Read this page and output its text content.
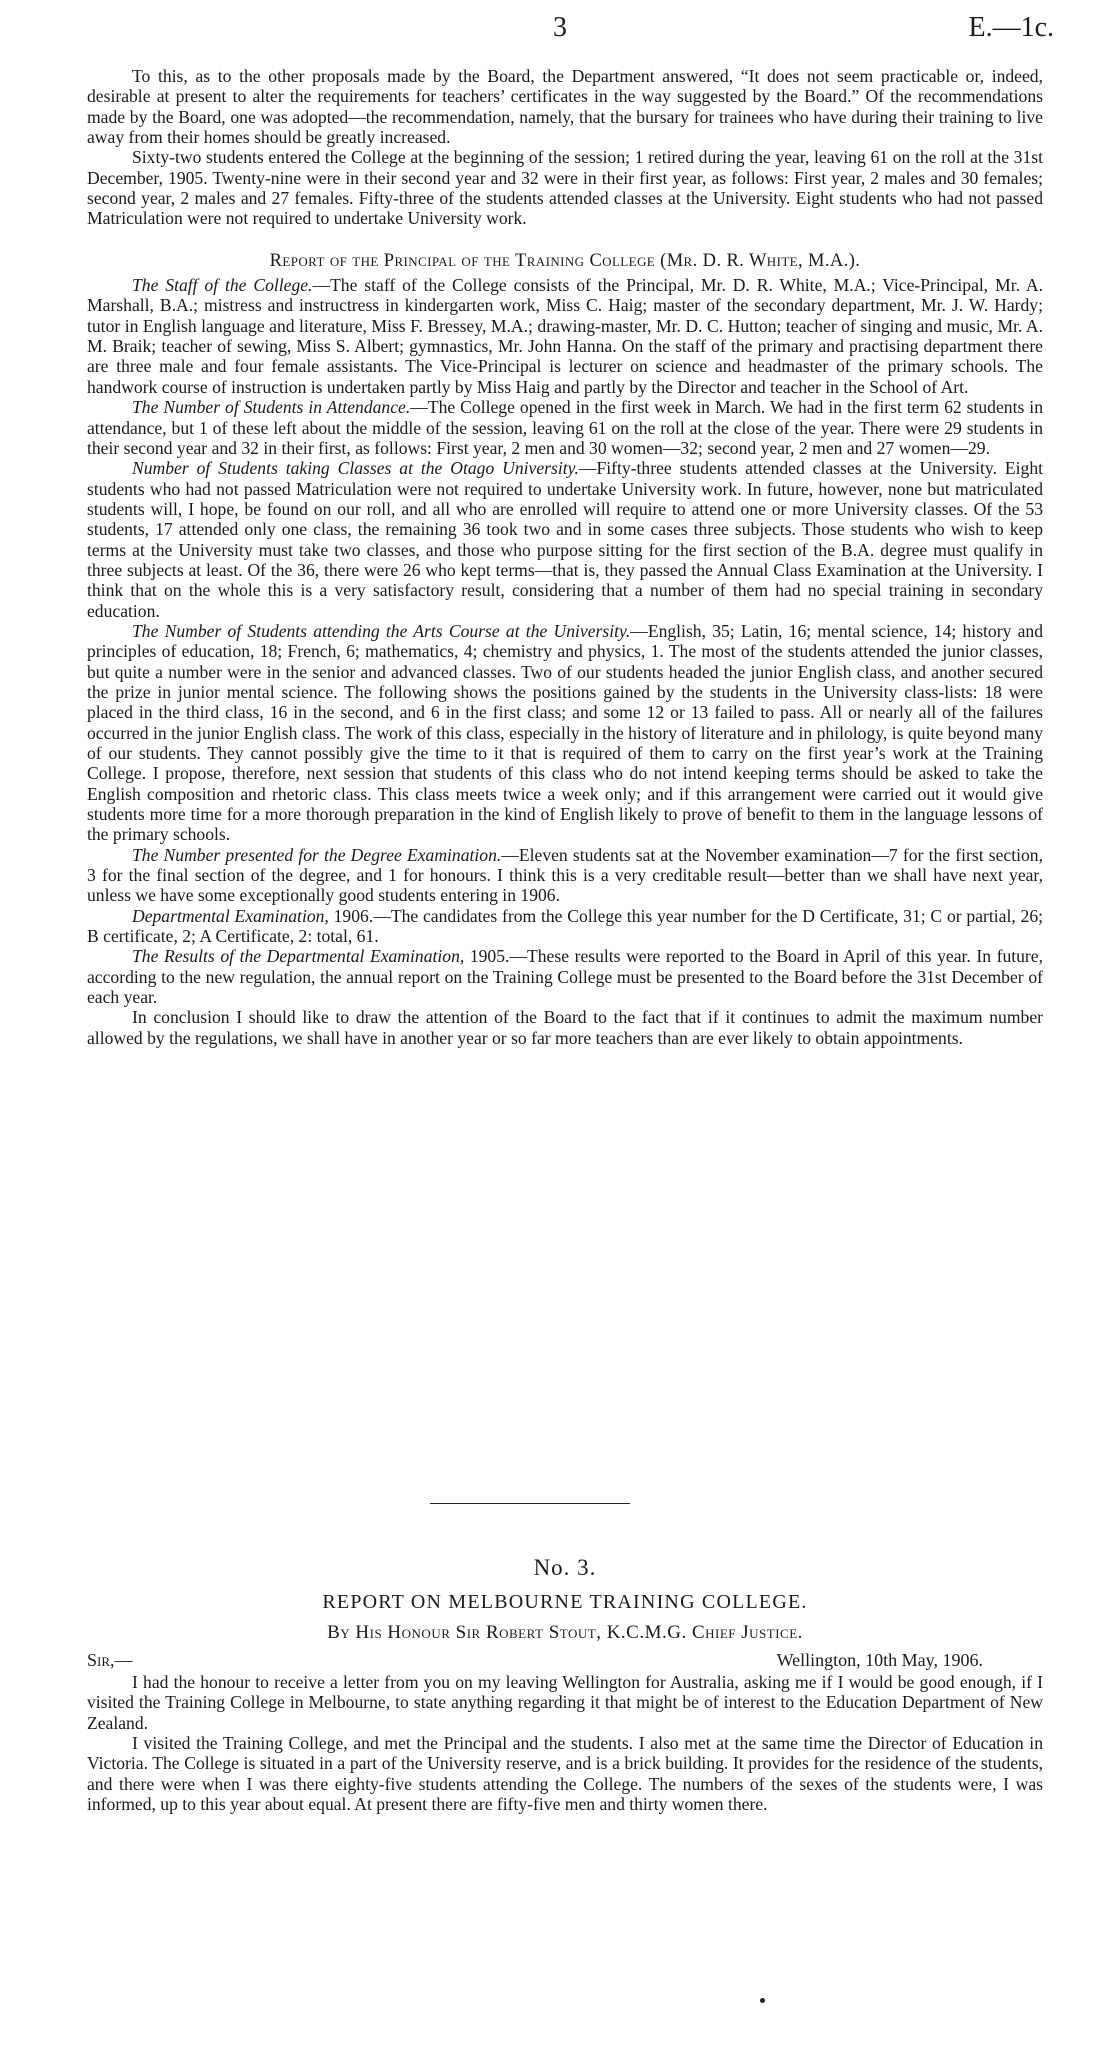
3	E.—1c.

To this, as to the other proposals made by the Board, the Department answered, “It does not seem practicable or, indeed, desirable at present to alter the requirements for teachers’ certificates in the way suggested by the Board.” Of the recommendations made by the Board, one was adopted—the recommendation, namely, that the bursary for trainees who have during their training to live away from their homes should be greatly increased.

Sixty-two students entered the College at the beginning of the session; 1 retired during the year, leaving 61 on the roll at the 31st December, 1905. Twenty-nine were in their second year and 32 were in their first year, as follows: First year, 2 males and 30 females; second year, 2 males and 27 females. Fifty-three of the students attended classes at the University. Eight students who had not passed Matriculation were not required to undertake University work.

Report of the Principal of the Training College (Mr. D. R. White, M.A.).

The Staff of the College.—The staff of the College consists of the Principal, Mr. D. R. White, M.A.; Vice-Principal, Mr. A. Marshall, B.A.; mistress and instructress in kindergarten work, Miss C. Haig; master of the secondary department, Mr. J. W. Hardy; tutor in English language and literature, Miss F. Bressey, M.A.; drawing-master, Mr. D. C. Hutton; teacher of singing and music, Mr. A. M. Braik; teacher of sewing, Miss S. Albert; gymnastics, Mr. John Hanna. On the staff of the primary and practising department there are three male and four female assistants. The Vice-Principal is lecturer on science and headmaster of the primary schools. The handwork course of instruction is undertaken partly by Miss Haig and partly by the Director and teacher in the School of Art.

The Number of Students in Attendance.—The College opened in the first week in March. We had in the first term 62 students in attendance, but 1 of these left about the middle of the session, leaving 61 on the roll at the close of the year. There were 29 students in their second year and 32 in their first, as follows: First year, 2 men and 30 women—32; second year, 2 men and 27 women—29.

Number of Students taking Classes at the Otago University.—Fifty-three students attended classes at the University. Eight students who had not passed Matriculation were not required to undertake University work. In future, however, none but matriculated students will, I hope, be found on our roll, and all who are enrolled will require to attend one or more University classes. Of the 53 students, 17 attended only one class, the remaining 36 took two and in some cases three subjects. Those students who wish to keep terms at the University must take two classes, and those who purpose sitting for the first section of the B.A. degree must qualify in three subjects at least. Of the 36, there were 26 who kept terms—that is, they passed the Annual Class Examination at the University. I think that on the whole this is a very satisfactory result, considering that a number of them had no special training in secondary education.

The Number of Students attending the Arts Course at the University.—English, 35; Latin, 16; mental science, 14; history and principles of education, 18; French, 6; mathematics, 4; chemistry and physics, 1. The most of the students attended the junior classes, but quite a number were in the senior and advanced classes. Two of our students headed the junior English class, and another secured the prize in junior mental science. The following shows the positions gained by the students in the University class-lists: 18 were placed in the third class, 16 in the second, and 6 in the first class; and some 12 or 13 failed to pass. All or nearly all of the failures occurred in the junior English class. The work of this class, especially in the history of literature and in philology, is quite beyond many of our students. They cannot possibly give the time to it that is required of them to carry on the first year’s work at the Training College. I propose, therefore, next session that students of this class who do not intend keeping terms should be asked to take the English composition and rhetoric class. This class meets twice a week only; and if this arrangement were carried out it would give students more time for a more thorough preparation in the kind of English likely to prove of benefit to them in the language lessons of the primary schools.

The Number presented for the Degree Examination.—Eleven students sat at the November examination—7 for the first section, 3 for the final section of the degree, and 1 for honours. I think this is a very creditable result—better than we shall have next year, unless we have some exceptionally good students entering in 1906.

Departmental Examination, 1906.—The candidates from the College this year number for the D Certificate, 31; C or partial, 26; B certificate, 2; A Certificate, 2: total, 61.

The Results of the Departmental Examination, 1905.—These results were reported to the Board in April of this year. In future, according to the new regulation, the annual report on the Training College must be presented to the Board before the 31st December of each year.

In conclusion I should like to draw the attention of the Board to the fact that if it continues to admit the maximum number allowed by the regulations, we shall have in another year or so far more teachers than are ever likely to obtain appointments.

No. 3.
REPORT ON MELBOURNE TRAINING COLLEGE.
By His Honour Sir Robert Stout, K.C.M.G. Chief Justice.
Sir,—	Wellington, 10th May, 1906.

I had the honour to receive a letter from you on my leaving Wellington for Australia, asking me if I would be good enough, if I visited the Training College in Melbourne, to state anything regarding it that might be of interest to the Education Department of New Zealand.

I visited the Training College, and met the Principal and the students. I also met at the same time the Director of Education in Victoria. The College is situated in a part of the University reserve, and is a brick building. It provides for the residence of the students, and there were when I was there eighty-five students attending the College. The numbers of the sexes of the students were, I was informed, up to this year about equal. At present there are fifty-five men and thirty women there.
